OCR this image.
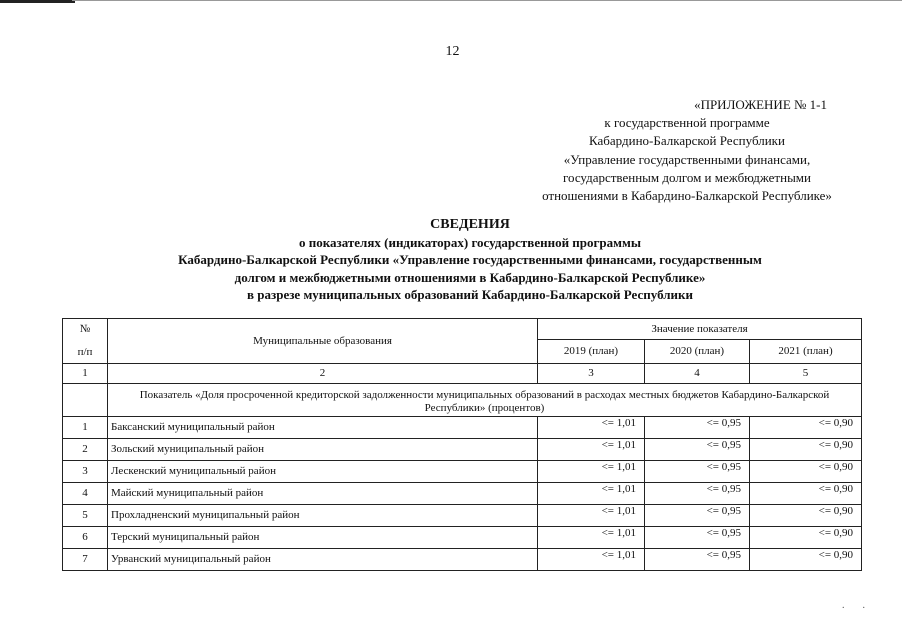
12
«ПРИЛОЖЕНИЕ № 1-1
к государственной программе
Кабардино-Балкарской Республики
«Управление государственными финансами,
государственным долгом и межбюджетными
отношениями в Кабардино-Балкарской Республике»
СВЕДЕНИЯ
о показателях (индикаторах) государственной программы
Кабардино-Балкарской Республики «Управление государственными финансами, государственным
долгом и межбюджетными отношениями в Кабардино-Балкарской Республике»
в разрезе муниципальных образований Кабардино-Балкарской Республики
№
п/п	Муниципальные образования	Значение показателя		
		2019 (план)	2020 (план)	2021 (план)
1	2	3	4	5
	Показатель «Доля просроченной кредиторской задолженности муниципальных образований в расходах местных бюджетов Кабардино-Балкарской Республики» (процентов)			
1	Баксанский муниципальный район	<= 1,01	<= 0,95	<= 0,90
2	Зольский муниципальный район	<= 1,01	<= 0,95	<= 0,90
3	Лескенский муниципальный район	<= 1,01	<= 0,95	<= 0,90
4	Майский муниципальный район	<= 1,01	<= 0,95	<= 0,90
5	Прохладненский муниципальный район	<= 1,01	<= 0,95	<= 0,90
6	Терский муниципальный район	<= 1,01	<= 0,95	<= 0,90
7	Урванский муниципальный район	<= 1,01	<= 0,95	<= 0,90
..
